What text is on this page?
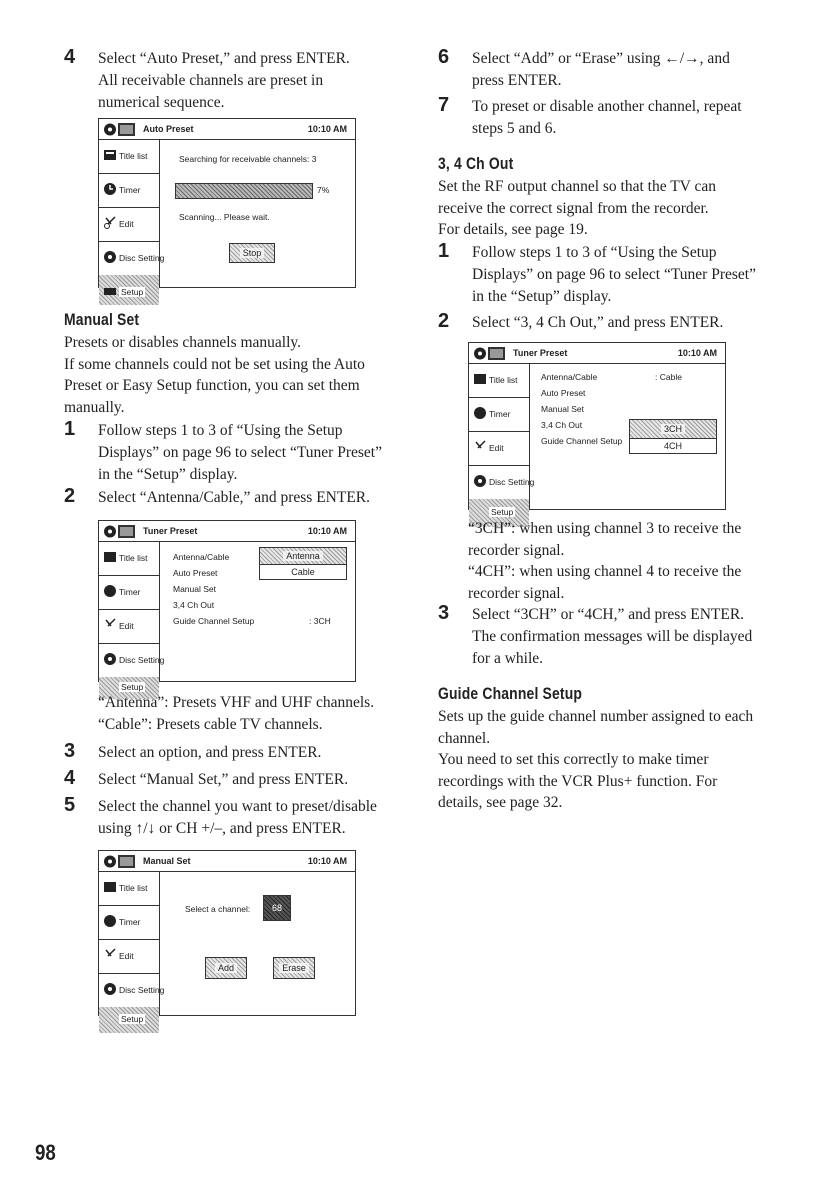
4 Select “Auto Preset,” and press ENTER.
All receivable channels are preset in
numerical sequence.
Auto Preset	10:10 AM
Title list
Timer
Edit
Disc Setting
Setup
Searching for receivable channels: 3
7%
Scanning... Please wait.
Stop
Manual Set
Presets or disables channels manually.
If some channels could not be set using the Auto
Preset or Easy Setup function, you can set them
manually.
1 Follow steps 1 to 3 of “Using the Setup
Displays” on page 96 to select “Tuner Preset”
in the “Setup” display.
2 Select “Antenna/Cable,” and press ENTER.
Tuner Preset	10:10 AM
Title list
Timer
Edit
Disc Setting
Setup
Antenna/Cable
Auto Preset
Manual Set
3,4 Ch Out
Guide Channel Setup	: 3CH
Antenna
Cable
“Antenna”: Presets VHF and UHF channels.
“Cable”: Presets cable TV channels.
3 Select an option, and press ENTER.
4 Select “Manual Set,” and press ENTER.
5 Select the channel you want to preset/disable
using ↑/↓ or CH +/–, and press ENTER.
Manual Set	10:10 AM
Title list
Timer
Edit
Disc Setting
Setup
Select a channel:	68
Add	Erase
6 Select “Add” or “Erase” using ←/→, and
press ENTER.
7 To preset or disable another channel, repeat
steps 5 and 6.
3, 4 Ch Out
Set the RF output channel so that the TV can
receive the correct signal from the recorder.
For details, see page 19.
1 Follow steps 1 to 3 of “Using the Setup
Displays” on page 96 to select “Tuner Preset”
in the “Setup” display.
2 Select “3, 4 Ch Out,” and press ENTER.
Tuner Preset	10:10 AM
Title list
Timer
Edit
Disc Setting
Setup
Antenna/Cable
Auto Preset
Manual Set
3,4 Ch Out
Guide Channel Setup
: Cable
3CH
4CH
“3CH”: when using channel 3 to receive the
recorder signal.
“4CH”: when using channel 4 to receive the
recorder signal.
3 Select “3CH” or “4CH,” and press ENTER.
The confirmation messages will be displayed
for a while.
Guide Channel Setup
Sets up the guide channel number assigned to each
channel.
You need to set this correctly to make timer
recordings with the VCR Plus+ function. For
details, see page 32.
98
